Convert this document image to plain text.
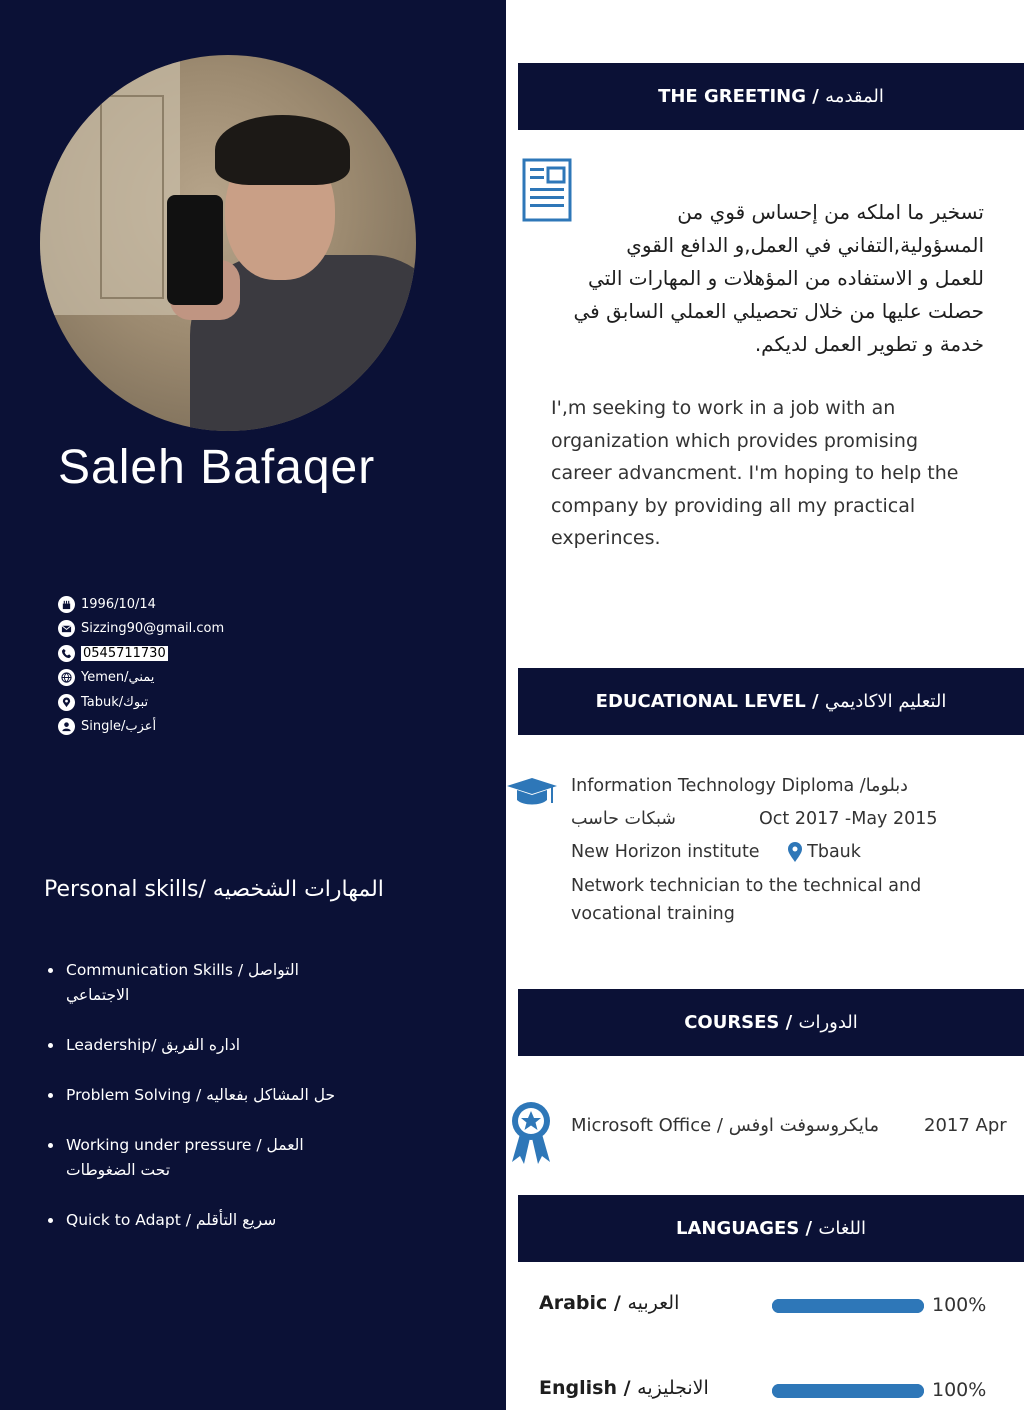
Saleh Bafaqer
1996/10/14
Sizzing90@gmail.com
0545711730
Yemen/يمني
Tabuk/تبوك
Single/أعزب
Personal skills/ المهارات الشخصيه
Communication Skills / التواصل الاجتماعي
Leadership/ اداره الفريق
Problem Solving / حل المشاكل بفعاليه
Working under pressure / العمل تحت الضغوطات
Quick to Adapt / سريع التأقلم
THE GREETING /
المقدمه

تسخير ما املكه من إحساس قوي من المسؤولية,التفاني في العمل,و الدافع القوي للعمل و الاستفاده من المؤهلات و المهارات التي حصلت عليها من خلال تحصيلي العملي السابق في خدمة و تطوير العمل لديكم.

I',m seeking to work in a job with an organization which provides promising career advancment. I'm hoping to help the company by providing all my practical experinces.

EDUCATIONAL LEVEL /
التعليم الاكاديمي
Information Technology Diploma /دبلوما
شبكات حاسب	Oct 2017 -May 2015
New Horizon institute	Tbauk
Network technician to the technical and vocational training
COURSES /
الدورات
Microsoft Office / مايكروسوفت اوفس 2017 Apr
LANGUAGES /
اللغات
Arabic / العربيه	100%
English / الانجليزيه	100%
